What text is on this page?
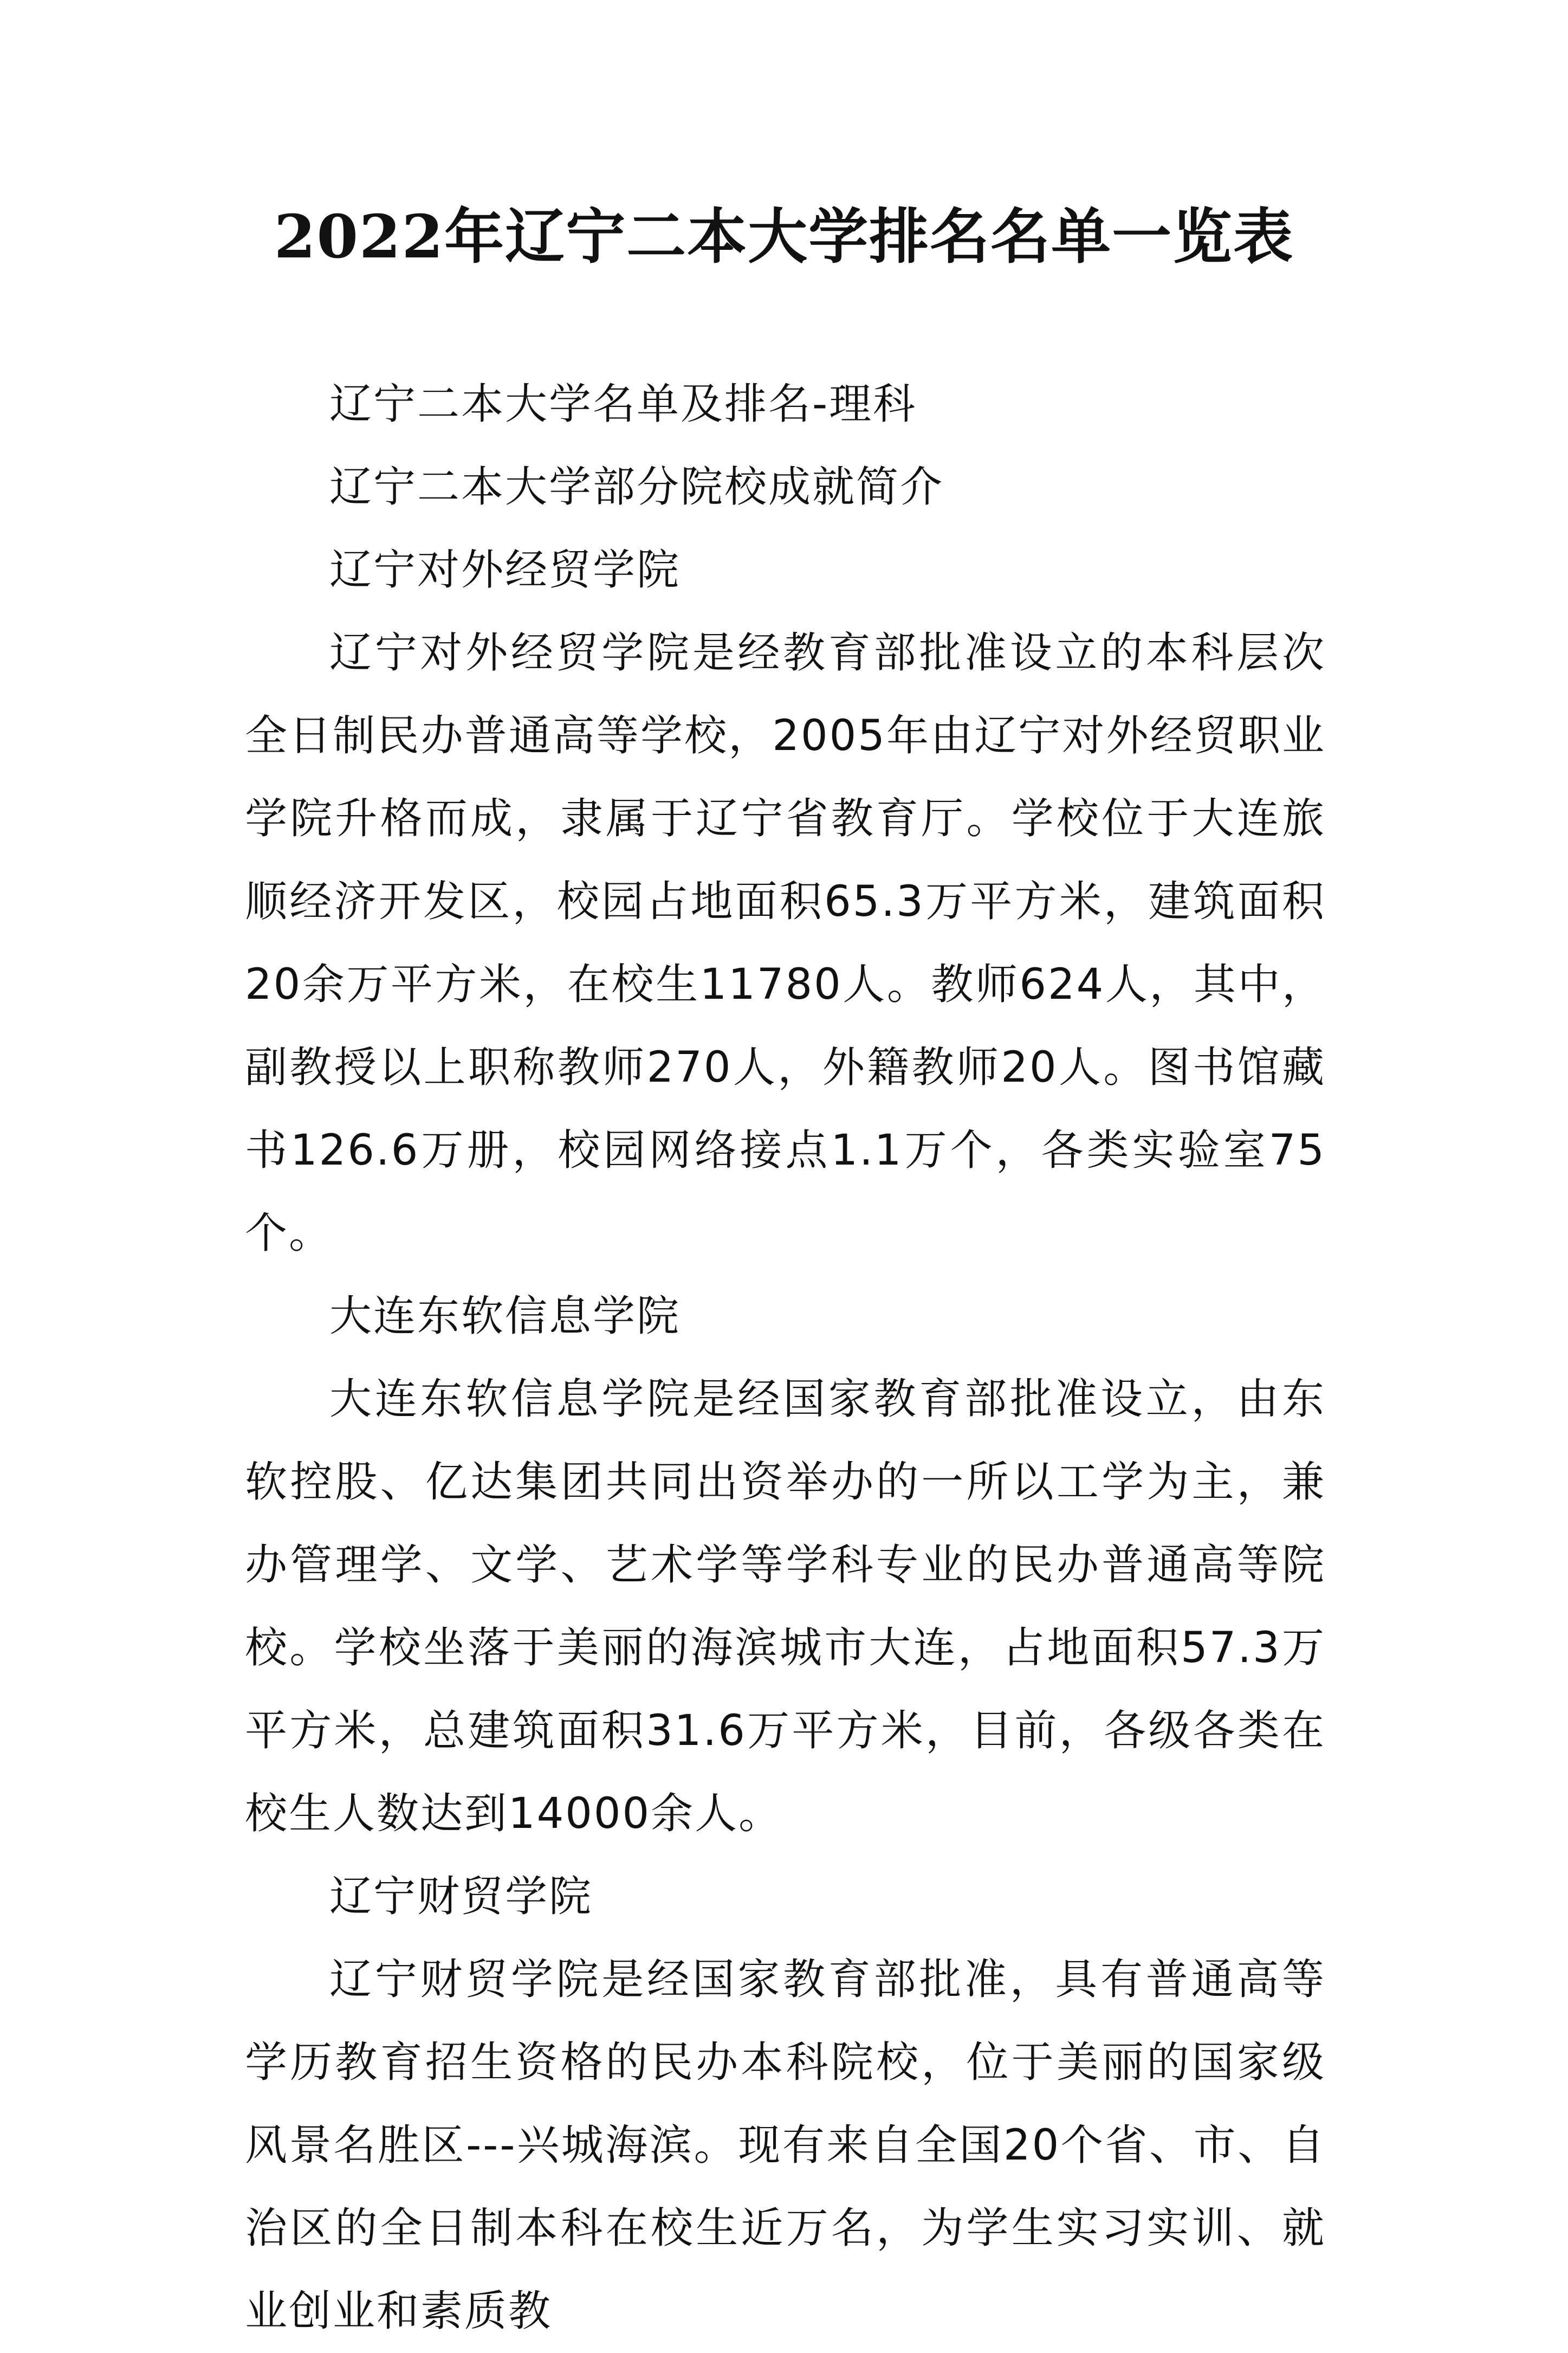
2022年辽宁二本大学排名名单一览表

辽宁二本大学名单及排名-理科

辽宁二本大学部分院校成就简介

辽宁对外经贸学院

辽宁对外经贸学院是经教育部批准设立的本科层次全日制民办普通高等学校，2005年由辽宁对外经贸职业学院升格而成，隶属于辽宁省教育厅。学校位于大连旅顺经济开发区，校园占地面积65.3万平方米，建筑面积20余万平方米，在校生11780人。教师624人，其中，副教授以上职称教师270人，外籍教师20人。图书馆藏书126.6万册，校园网络接点1.1万个，各类实验室75个。

大连东软信息学院

大连东软信息学院是经国家教育部批准设立，由东软控股、亿达集团共同出资举办的一所以工学为主，兼办管理学、文学、艺术学等学科专业的民办普通高等院校。学校坐落于美丽的海滨城市大连，占地面积57.3万平方米，总建筑面积31.6万平方米，目前，各级各类在校生人数达到14000余人。

辽宁财贸学院

辽宁财贸学院是经国家教育部批准，具有普通高等学历教育招生资格的民办本科院校，位于美丽的国家级风景名胜区---兴城海滨。现有来自全国20个省、市、自治区的全日制本科在校生近万名，为学生实习实训、就业创业和素质教
